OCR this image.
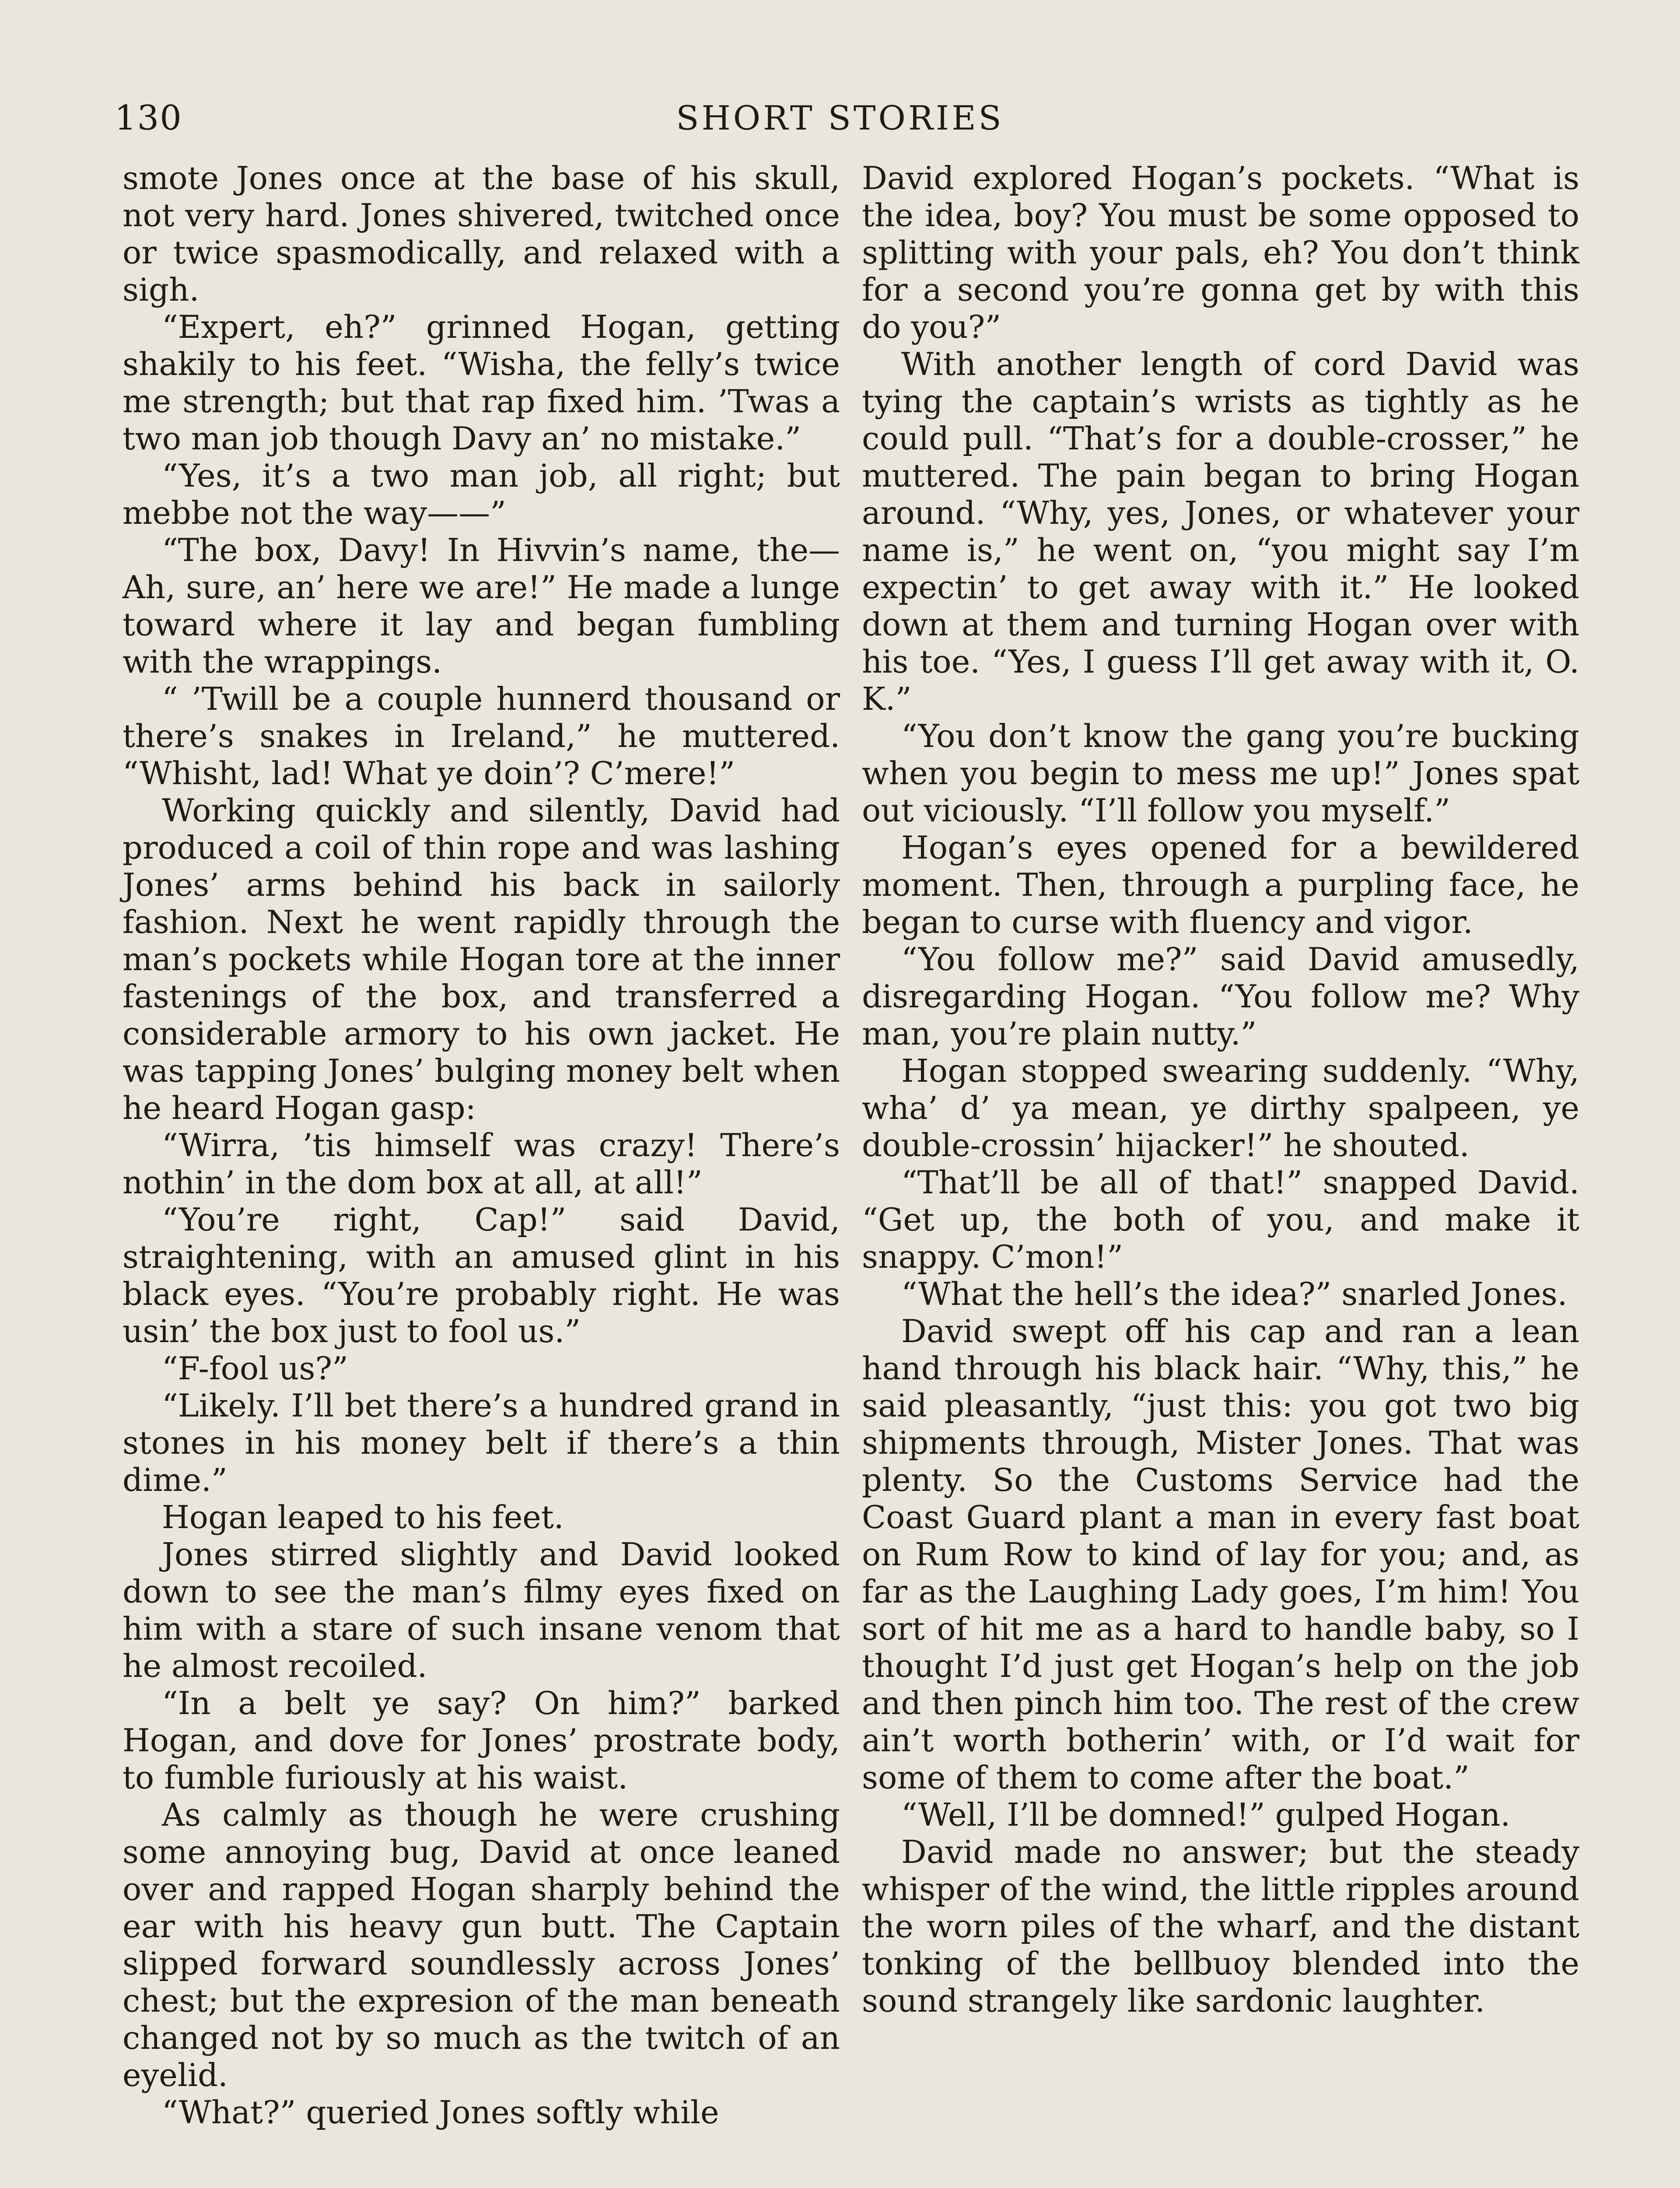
130	SHORT STORIES

smote Jones once at the base of his skull, not very hard. Jones shivered, twitched once or twice spasmodically, and relaxed with a sigh.

“Expert, eh?” grinned Hogan, getting shakily to his feet. “Wisha, the felly’s twice me strength; but that rap fixed him. ’Twas a two man job though Davy an’ no mistake.”

“Yes, it’s a two man job, all right; but mebbe not the way——”

“The box, Davy! In Hivvin’s name, the— Ah, sure, an’ here we are!” He made a lunge toward where it lay and began fumbling with the wrappings.

“ ’Twill be a couple hunnerd thousand or there’s snakes in Ireland,” he muttered. “Whisht, lad! What ye doin’? C’mere!”

Working quickly and silently, David had produced a coil of thin rope and was lashing Jones’ arms behind his back in sailorly fashion. Next he went rapidly through the man’s pockets while Hogan tore at the inner fastenings of the box, and transferred a considerable armory to his own jacket. He was tapping Jones’ bulging money belt when he heard Hogan gasp:

“Wirra, ’tis himself was crazy! There’s nothin’ in the dom box at all, at all!”

“You’re right, Cap!” said David, straightening, with an amused glint in his black eyes. “You’re probably right. He was usin’ the box just to fool us.”

“F-fool us?”

“Likely. I’ll bet there’s a hundred grand in stones in his money belt if there’s a thin dime.”

Hogan leaped to his feet.

Jones stirred slightly and David looked down to see the man’s filmy eyes fixed on him with a stare of such insane venom that he almost recoiled.

“In a belt ye say? On him?” barked Hogan, and dove for Jones’ prostrate body, to fumble furiously at his waist.

As calmly as though he were crushing some annoying bug, David at once leaned over and rapped Hogan sharply behind the ear with his heavy gun butt. The Captain slipped forward soundlessly across Jones’ chest; but the expresion of the man beneath changed not by so much as the twitch of an eyelid.

“What?” queried Jones softly while

David explored Hogan’s pockets. “What is the idea, boy? You must be some opposed to splitting with your pals, eh? You don’t think for a second you’re gonna get by with this do you?”

With another length of cord David was tying the captain’s wrists as tightly as he could pull. “That’s for a double-crosser,” he muttered. The pain began to bring Hogan around. “Why, yes, Jones, or whatever your name is,” he went on, “you might say I’m expectin’ to get away with it.” He looked down at them and turning Hogan over with his toe. “Yes, I guess I’ll get away with it, O. K.”

“You don’t know the gang you’re bucking when you begin to mess me up!” Jones spat out viciously. “I’ll follow you myself.”

Hogan’s eyes opened for a bewildered moment. Then, through a purpling face, he began to curse with fluency and vigor.

“You follow me?” said David amusedly, disregarding Hogan. “You follow me? Why man, you’re plain nutty.”

Hogan stopped swearing suddenly. “Why, wha’ d’ ya mean, ye dirthy spalpeen, ye double-crossin’ hijacker!” he shouted.

“That’ll be all of that!” snapped David. “Get up, the both of you, and make it snappy. C’mon!”

“What the hell’s the idea?” snarled Jones.

David swept off his cap and ran a lean hand through his black hair. “Why, this,” he said pleasantly, “just this: you got two big shipments through, Mister Jones. That was plenty. So the Customs Service had the Coast Guard plant a man in every fast boat on Rum Row to kind of lay for you; and, as far as the Laughing Lady goes, I’m him! You sort of hit me as a hard to handle baby, so I thought I’d just get Hogan’s help on the job and then pinch him too. The rest of the crew ain’t worth botherin’ with, or I’d wait for some of them to come after the boat.”

“Well, I’ll be domned!” gulped Hogan.

David made no answer; but the steady whisper of the wind, the little ripples around the worn piles of the wharf, and the distant tonking of the bellbuoy blended into the sound strangely like sardonic laughter.
